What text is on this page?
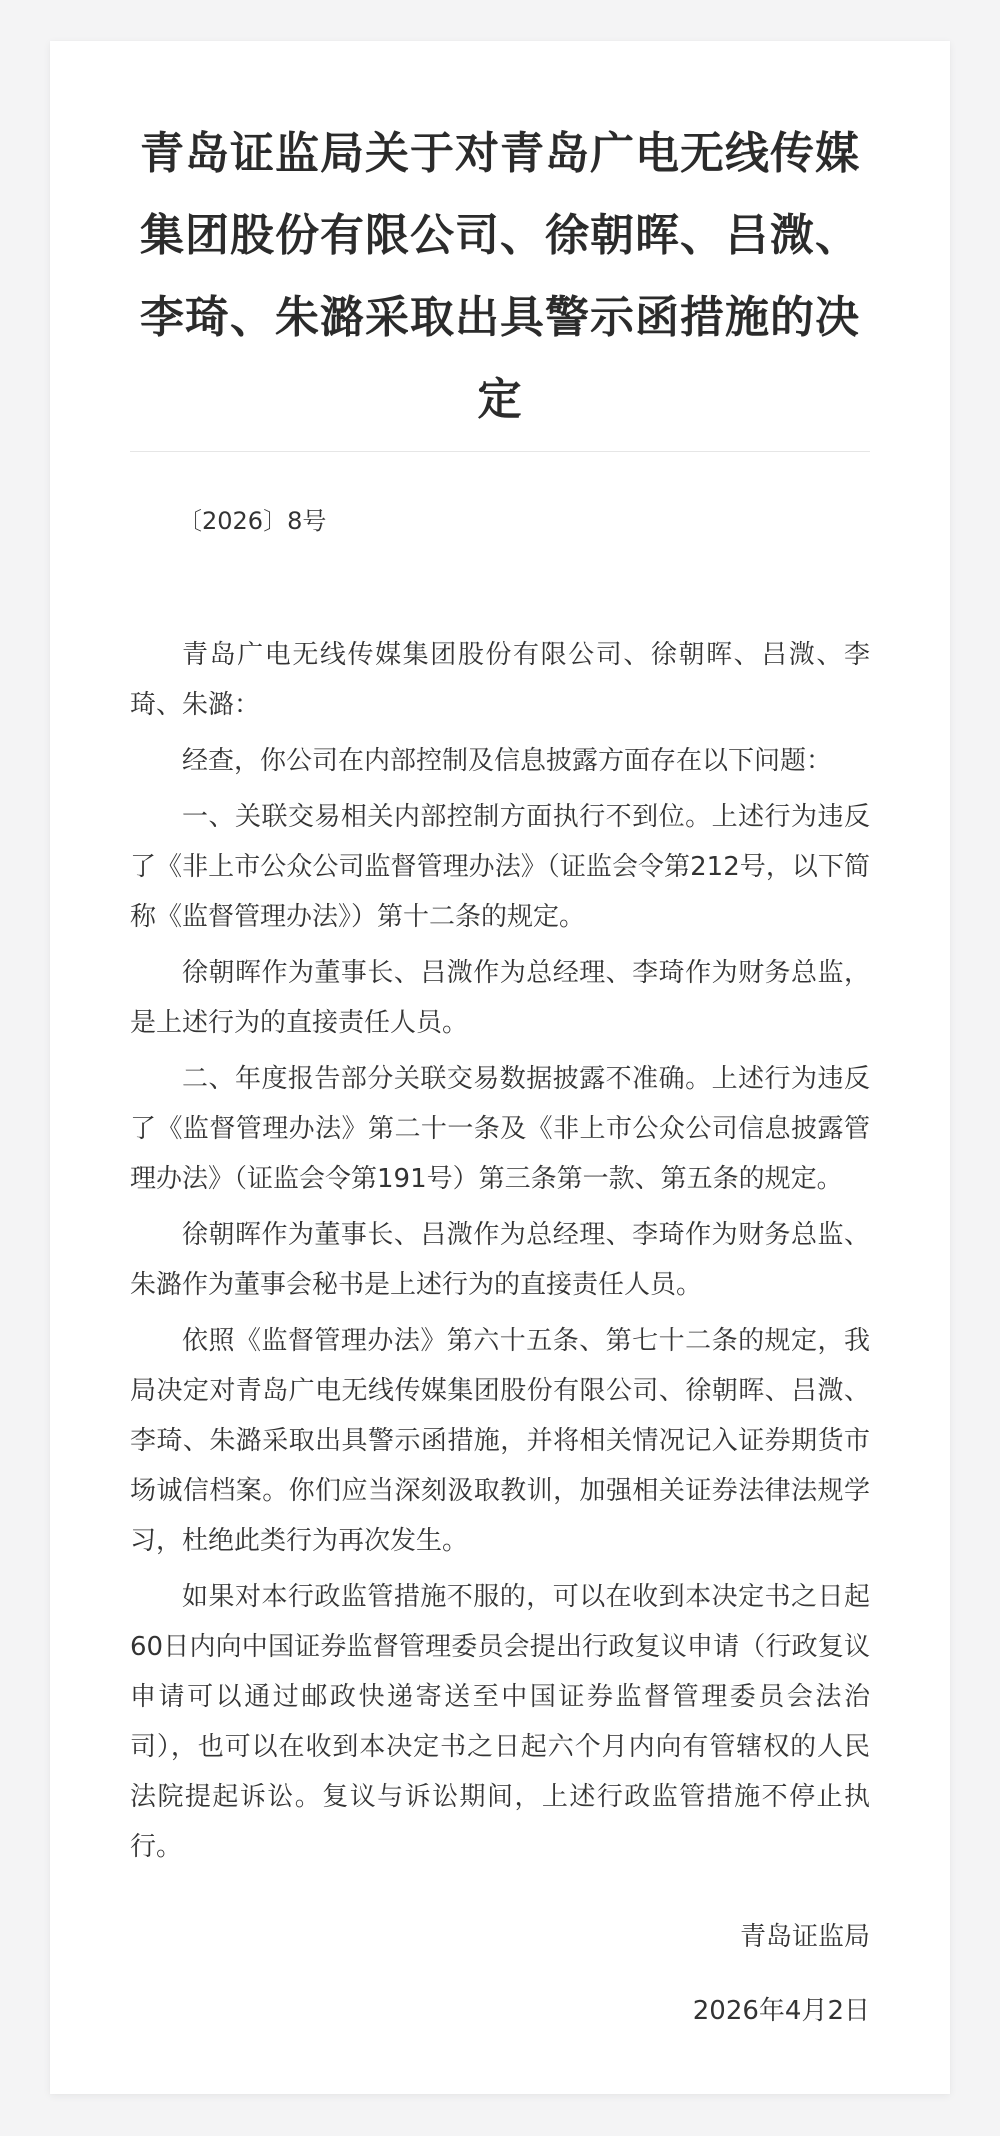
青岛证监局关于对青岛广电无线传媒
集团股份有限公司、徐朝晖、吕溦、
李琦、朱潞采取出具警示函措施的决
定

〔2026〕8号

青岛广电无线传媒集团股份有限公司、徐朝晖、吕溦、李琦、朱潞：

经查，你公司在内部控制及信息披露方面存在以下问题：

一、关联交易相关内部控制方面执行不到位。上述行为违反了《非上市公众公司监督管理办法》（证监会令第212号，以下简称《监督管理办法》）第十二条的规定。

徐朝晖作为董事长、吕溦作为总经理、李琦作为财务总监，是上述行为的直接责任人员。

二、年度报告部分关联交易数据披露不准确。上述行为违反了《监督管理办法》第二十一条及《非上市公众公司信息披露管理办法》（证监会令第191号）第三条第一款、第五条的规定。

徐朝晖作为董事长、吕溦作为总经理、李琦作为财务总监、朱潞作为董事会秘书是上述行为的直接责任人员。

依照《监督管理办法》第六十五条、第七十二条的规定，我局决定对青岛广电无线传媒集团股份有限公司、徐朝晖、吕溦、李琦、朱潞采取出具警示函措施，并将相关情况记入证券期货市场诚信档案。你们应当深刻汲取教训，加强相关证券法律法规学习，杜绝此类行为再次发生。

如果对本行政监管措施不服的，可以在收到本决定书之日起60日内向中国证券监督管理委员会提出行政复议申请（行政复议申请可以通过邮政快递寄送至中国证券监督管理委员会法治司），也可以在收到本决定书之日起六个月内向有管辖权的人民法院提起诉讼。复议与诉讼期间，上述行政监管措施不停止执行。

青岛证监局

2026年4月2日
